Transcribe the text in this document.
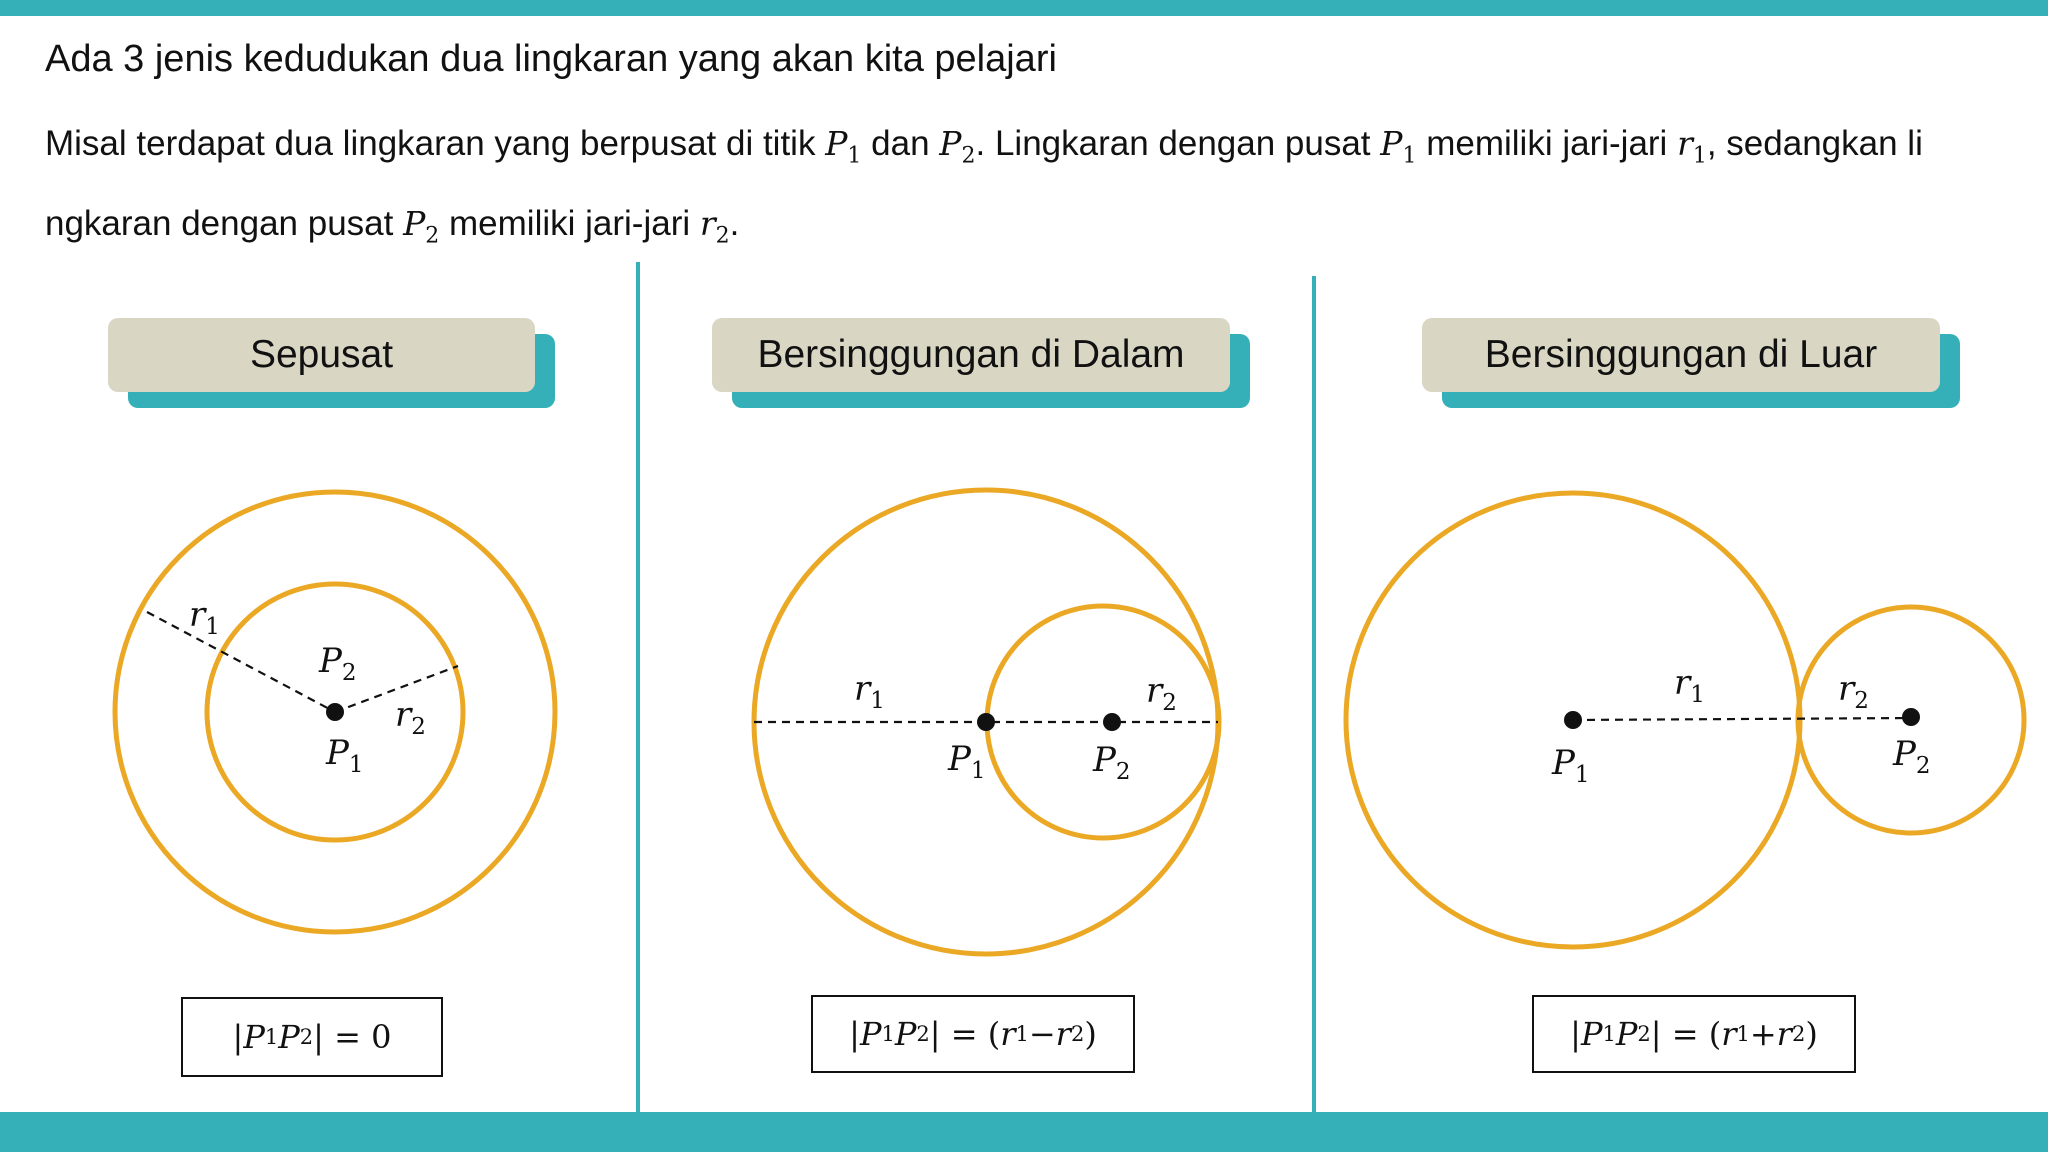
Ada 3 jenis kedudukan dua lingkaran yang akan kita pelajari
Misal terdapat dua lingkaran yang berpusat di titik $P_1$ dan $P_2$. Lingkaran dengan pusat $P_1$ memiliki jari-jari $r_1$, sedangkan li
ngkaran dengan pusat $P_2$ memiliki jari-jari $r_2$.
Sepusat	Bersinggungan di Dalam	Bersinggungan di Luar
$r_1$
$P_2$
$r_2$
$P_1$
$r_1$	$r_2$
$P_1$	$P_2$
$r_1$	$r_2$
$P_1$
$P_2$
| P 1 P 2 | = 0	| P 1 P 2 | = ( r 1 − r 2 )	| P 1 P 2 | = ( r 1 + r 2 )
